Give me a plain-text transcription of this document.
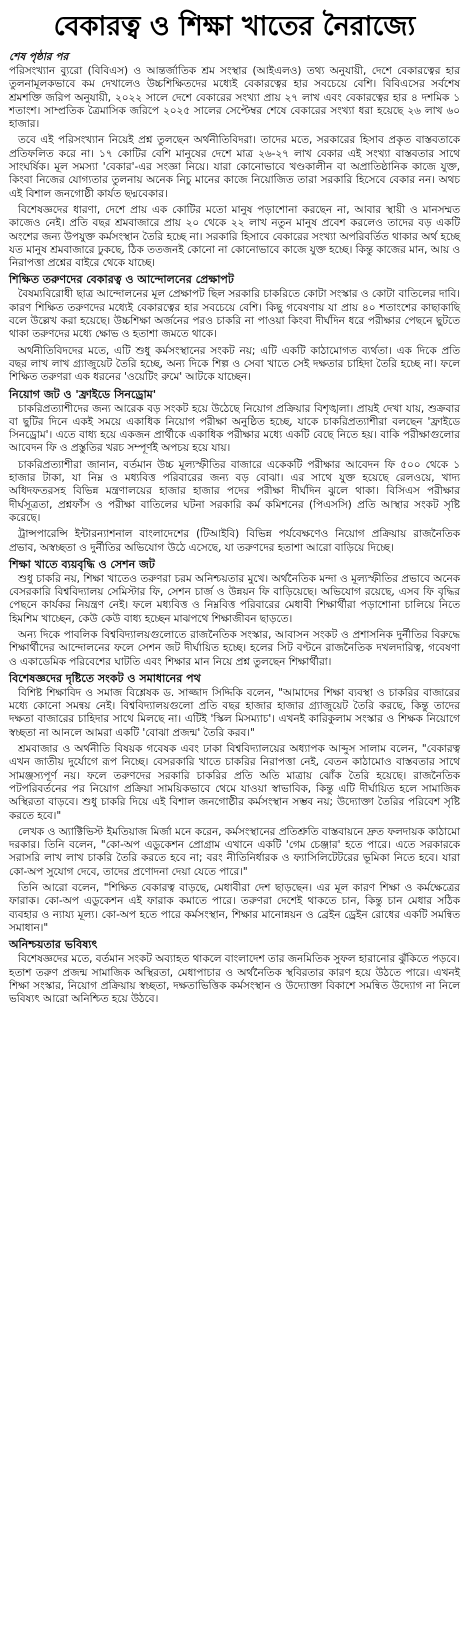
বেকারত্ব ও শিক্ষা খাতের নৈরাজ্যে
শেষ পৃষ্ঠার পর

পরিসংখ্যান ব্যুরো (বিবিএস) ও আন্তর্জাতিক শ্রম সংস্থার (আইএলও) তথ্য অনুযায়ী, দেশে বেকারত্বের হার তুলনামূলকভাবে কম দেখালেও উচ্চশিক্ষিতদের মধ্যেই বেকারত্বের হার সবচেয়ে বেশি। বিবিএসের সর্বশেষ শ্রমশক্তি জরিপ অনুযায়ী, ২০২২ সালে দেশে বেকারের সংখ্যা প্রায় ২৭ লাখ এবং বেকারত্বের হার ৪ দশমিক ১ শতাংশ। সাম্প্রতিক ত্রৈমাসিক জরিপে ২০২৫ সালের সেপ্টেম্বর শেষে বেকারের সংখ্যা ধরা হয়েছে ২৬ লাখ ৬০ হাজার।

তবে এই পরিসংখ্যান নিয়েই প্রশ্ন তুলছেন অর্থনীতিবিদরা। তাদের মতে, সরকারের হিসাব প্রকৃত বাস্তবতাকে প্রতিফলিত করে না। ১৭ কোটির বেশি মানুষের দেশে মাত্র ২৬-২৭ লাখ বেকার এই সংখ্যা বাস্তবতার সাথে সাংঘর্ষিক। মূল সমস্যা 'বেকার'-এর সংজ্ঞা নিয়ে। যারা কোনোভাবে খণ্ডকালীন বা অপ্রাতিষ্ঠানিক কাজে যুক্ত, কিংবা নিজের যোগ্যতার তুলনায় অনেক নিচু মানের কাজে নিয়োজিত তারা সরকারি হিসেবে বেকার নন। অথচ এই বিশাল জনগোষ্ঠী কার্যত ছদ্মবেকার।

বিশেষজ্ঞদের ধারণা, দেশে প্রায় এক কোটির মতো মানুষ পড়াশোনা করছেন না, আবার স্থায়ী ও মানসম্মত কাজেও নেই। প্রতি বছর শ্রমবাজারে প্রায় ২০ থেকে ২২ লাখ নতুন মানুষ প্রবেশ করলেও তাদের বড় একটি অংশের জন্য উপযুক্ত কর্মসংস্থান তৈরি হচ্ছে না। সরকারি হিসাবে বেকারের সংখ্যা অপরিবর্তিত থাকার অর্থ হচ্ছে যত মানুষ শ্রমবাজারে ঢুকছে, ঠিক ততজনই কোনো না কোনোভাবে কাজে যুক্ত হচ্ছে। কিন্তু কাজের মান, আয় ও নিরাপত্তা প্রশ্নের বাইরে থেকে যাচ্ছে।

শিক্ষিত তরুণদের বেকারত্ব ও আন্দোলনের প্রেক্ষাপট

বৈষম্যবিরোধী ছাত্র আন্দোলনের মূল প্রেক্ষাপট ছিল সরকারি চাকরিতে কোটা সংস্কার ও কোটা বাতিলের দাবি। কারণ শিক্ষিত তরুণদের মধ্যেই বেকারত্বের হার সবচেয়ে বেশি। কিছু গবেষণায় যা প্রায় ৪০ শতাংশের কাছাকাছি বলে উল্লেখ করা হয়েছে। উচ্চশিক্ষা অর্জনের পরও চাকরি না পাওয়া কিংবা দীর্ঘদিন ধরে পরীক্ষার পেছনে ছুটতে থাকা তরুণদের মধ্যে ক্ষোভ ও হতাশা জমতে থাকে।

অর্থনীতিবিদদের মতে, এটি শুধু কর্মসংস্থানের সংকট নয়; এটি একটি কাঠামোগত ব্যর্থতা। এক দিকে প্রতি বছর লাখ লাখ গ্র্যাজুয়েট তৈরি হচ্ছে, অন্য দিকে শিল্প ও সেবা খাতে সেই দক্ষতার চাহিদা তৈরি হচ্ছে না। ফলে শিক্ষিত তরুণরা এক ধরনের 'ওয়েটিং রুমে' আটকে যাচ্ছেন।

নিয়োগ জট ও 'ফ্রাইডে সিনড্রোম'

চাকরিপ্রত্যাশীদের জন্য আরেক বড় সংকট হয়ে উঠেছে নিয়োগ প্রক্রিয়ার বিশৃঙ্খলা। প্রায়ই দেখা যায়, শুক্রবার বা ছুটির দিনে একই সময়ে একাধিক নিয়োগ পরীক্ষা অনুষ্ঠিত হচ্ছে, যাকে চাকরিপ্রত্যাশীরা বলছেন 'ফ্রাইডে সিনড্রোম'। এতে বাধ্য হয়ে একজন প্রার্থীকে একাধিক পরীক্ষার মধ্যে একটি বেছে নিতে হয়। বাকি পরীক্ষাগুলোর আবেদন ফি ও প্রস্তুতির খরচ সম্পূর্ণই অপচয় হয়ে যায়।

চাকরিপ্রত্যাশীরা জানান, বর্তমান উচ্চ মূল্যস্ফীতির বাজারে একেকটি পরীক্ষার আবেদন ফি ৫০০ থেকে ১ হাজার টাকা, যা নিম্ন ও মধ্যবিত্ত পরিবারের জন্য বড় বোঝা। এর সাথে যুক্ত হয়েছে রেলওয়ে, খাদ্য অধিদফতরসহ বিভিন্ন মন্ত্রণালয়ের হাজার হাজার পদের পরীক্ষা দীর্ঘদিন ঝুলে থাকা। বিসিএস পরীক্ষার দীর্ঘসূত্রতা, প্রশ্নফাঁস ও পরীক্ষা বাতিলের ঘটনা সরকারি কর্ম কমিশনের (পিএসসি) প্রতি আস্থার সংকট সৃষ্টি করেছে।

ট্রান্সপারেন্সি ইন্টারন্যাশনাল বাংলাদেশের (টিআইবি) বিভিন্ন পর্যবেক্ষণেও নিয়োগ প্রক্রিয়ায় রাজনৈতিক প্রভাব, অস্বচ্ছতা ও দুর্নীতির অভিযোগ উঠে এসেছে, যা তরুণদের হতাশা আরো বাড়িয়ে দিচ্ছে।

শিক্ষা খাতে ব্যয়বৃদ্ধি ও সেশন জট

শুধু চাকরি নয়, শিক্ষা খাতেও তরুণরা চরম অনিশ্চয়তার মুখে। অর্থনৈতিক মন্দা ও মূল্যস্ফীতির প্রভাবে অনেক বেসরকারি বিশ্ববিদ্যালয় সেমিস্টার ফি, সেশন চার্জ ও উন্নয়ন ফি বাড়িয়েছে। অভিযোগ রয়েছে, এসব ফি বৃদ্ধির পেছনে কার্যকর নিয়ন্ত্রণ নেই। ফলে মধ্যবিত্ত ও নিম্নবিত্ত পরিবারের মেধাবী শিক্ষার্থীরা পড়াশোনা চালিয়ে নিতে হিমশিম খাচ্ছেন, কেউ কেউ বাধ্য হচ্ছেন মাঝপথে শিক্ষাজীবন ছাড়তে।

অন্য দিকে পাবলিক বিশ্ববিদ্যালয়গুলোতে রাজনৈতিক সংস্কার, আবাসন সংকট ও প্রশাসনিক দুর্নীতির বিরুদ্ধে শিক্ষার্থীদের আন্দোলনের ফলে সেশন জট দীর্ঘায়িত হচ্ছে। হলের সিট বণ্টনে রাজনৈতিক দখলদারিত্ব, গবেষণা ও একাডেমিক পরিবেশের ঘাটতি এবং শিক্ষার মান নিয়ে প্রশ্ন তুলছেন শিক্ষার্থীরা।

বিশেষজ্ঞদের দৃষ্টিতে সংকট ও সমাধানের পথ

বিশিষ্ট শিক্ষাবিদ ও সমাজ বিশ্লেষক ড. সাজ্জাদ সিদ্দিকি বলেন, "আমাদের শিক্ষা ব্যবস্থা ও চাকরির বাজারের মধ্যে কোনো সমন্বয় নেই। বিশ্ববিদ্যালয়গুলো প্রতি বছর হাজার হাজার গ্র্যাজুয়েট তৈরি করছে, কিন্তু তাদের দক্ষতা বাজারের চাহিদার সাথে মিলছে না। এটিই 'স্কিল মিসম্যাচ'। এখনই কারিকুলাম সংস্কার ও শিক্ষক নিয়োগে স্বচ্ছতা না আনলে আমরা একটি 'বোঝা প্রজন্ম' তৈরি করব।"

শ্রমবাজার ও অর্থনীতি বিষয়ক গবেষক এবং ঢাকা বিশ্ববিদ্যালয়ের অধ্যাপক আব্দুস সালাম বলেন, "বেকারত্ব এখন জাতীয় দুর্যোগে রূপ নিচ্ছে। বেসরকারি খাতে চাকরির নিরাপত্তা নেই, বেতন কাঠামোও বাস্তবতার সাথে সামঞ্জস্যপূর্ণ নয়। ফলে তরুণদের সরকারি চাকরির প্রতি অতি মাত্রায় ঝোঁক তৈরি হয়েছে। রাজনৈতিক পটপরিবর্তনের পর নিয়োগ প্রক্রিয়া সাময়িকভাবে থেমে যাওয়া স্বাভাবিক, কিন্তু এটি দীর্ঘায়িত হলে সামাজিক অস্থিরতা বাড়বে। শুধু চাকরি দিয়ে এই বিশাল জনগোষ্ঠীর কর্মসংস্থান সম্ভব নয়; উদ্যোক্তা তৈরির পরিবেশ সৃষ্টি করতে হবে।"

লেখক ও অ্যাক্টিভিস্ট ইমতিয়াজ মির্জা মনে করেন, কর্মসংস্থানের প্রতিশ্রুতি বাস্তবায়নে দ্রুত ফলদায়ক কাঠামো দরকার। তিনি বলেন, "কো-অপ এডুকেশন প্রোগ্রাম এখানে একটি 'গেম চেঞ্জার' হতে পারে। এতে সরকারকে সরাসরি লাখ লাখ চাকরি তৈরি করতে হবে না; বরং নীতিনির্ধারক ও ফ্যাসিলিটেটরের ভূমিকা নিতে হবে। যারা কো-অপ সুযোগ দেবে, তাদের প্রণোদনা দেয়া যেতে পারে।"

তিনি আরো বলেন, "শিক্ষিত বেকারত্ব বাড়ছে, মেধাবীরা দেশ ছাড়ছেন। এর মূল কারণ শিক্ষা ও কর্মক্ষেত্রের ফারাক। কো-অপ এডুকেশন এই ফারাক কমাতে পারে। তরুণরা দেশেই থাকতে চান, কিন্তু চান মেধার সঠিক ব্যবহার ও ন্যায্য মূল্য। কো-অপ হতে পারে কর্মসংস্থান, শিক্ষার মানোন্নয়ন ও ব্রেইন ড্রেইন রোধের একটি সমন্বিত সমাধান।"

অনিশ্চয়তার ভবিষ্যৎ

বিশেষজ্ঞদের মতে, বর্তমান সংকট অব্যাহত থাকলে বাংলাদেশ তার জনমিতিক সুফল হারানোর ঝুঁকিতে পড়বে। হতাশ তরুণ প্রজন্ম সামাজিক অস্থিরতা, মেধাপাচার ও অর্থনৈতিক স্থবিরতার কারণ হয়ে উঠতে পারে। এখনই শিক্ষা সংস্কার, নিয়োগ প্রক্রিয়ায় স্বচ্ছতা, দক্ষতাভিত্তিক কর্মসংস্থান ও উদ্যোক্তা বিকাশে সমন্বিত উদ্যোগ না নিলে ভবিষ্যৎ আরো অনিশ্চিত হয়ে উঠবে।
